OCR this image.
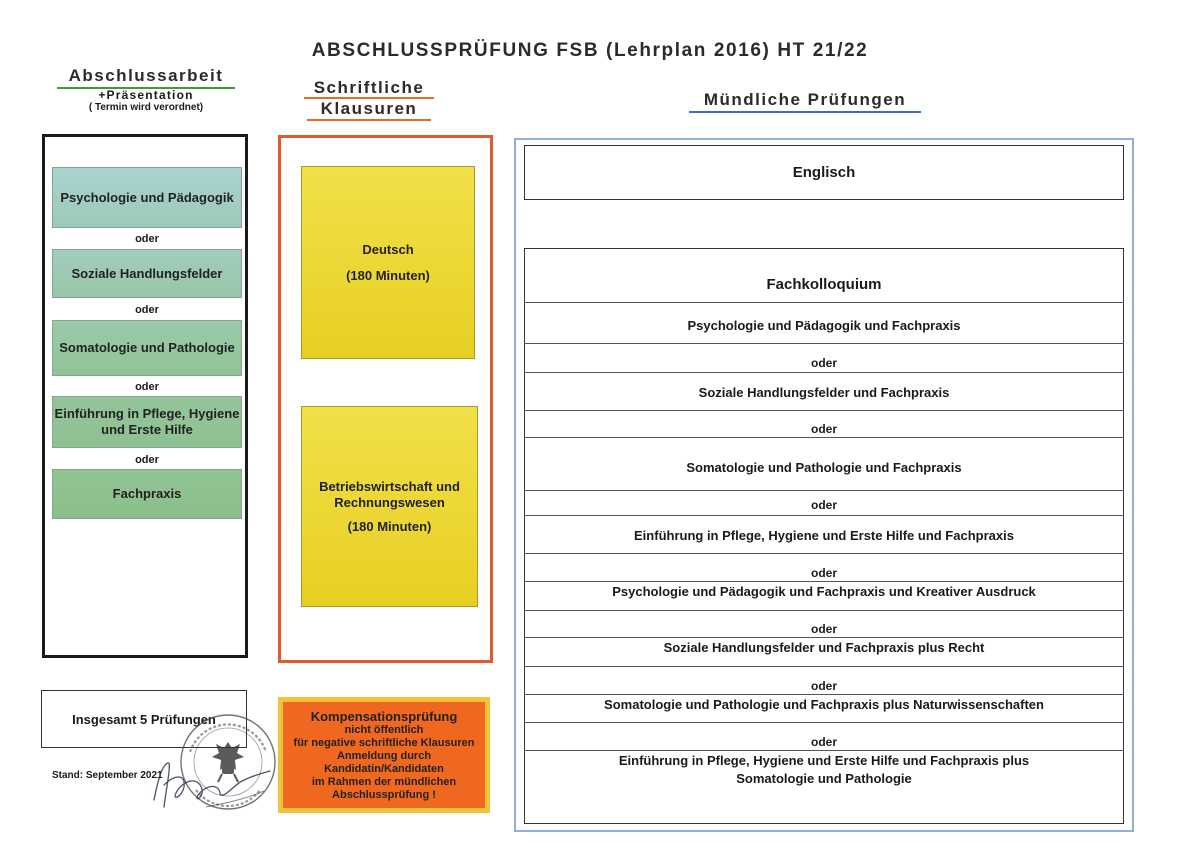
ABSCHLUSSPRÜFUNG FSB (Lehrplan 2016) HT 21/22
Abschlussarbeit
+Präsentation
( Termin wird verordnet)
Schriftliche
Klausuren	Mündliche Prüfungen
Psychologie und Pädagogik
oder
Soziale Handlungsfelder
oder
Somatologie und Pathologie
oder
Einführung in Pflege, Hygiene und Erste Hilfe
oder
Fachpraxis
Deutsch
(180 Minuten)
Betriebswirtschaft und Rechnungswesen
(180 Minuten)
Englisch
Fachkolloquium
Psychologie und Pädagogik und Fachpraxis
oder
Soziale Handlungsfelder und Fachpraxis
oder
Somatologie und Pathologie und Fachpraxis
oder
Einführung in Pflege, Hygiene und Erste Hilfe und Fachpraxis
oder
Psychologie und Pädagogik und Fachpraxis und Kreativer Ausdruck
oder
Soziale Handlungsfelder und Fachpraxis plus Recht
oder
Somatologie und Pathologie und Fachpraxis plus Naturwissenschaften
oder
Einführung in Pflege, Hygiene und Erste Hilfe und Fachpraxis plus Somatologie und Pathologie
Insgesamt 5 Prüfungen
Stand: September 2021
Kompensationsprüfung
nicht öffentlich
für negative schriftliche Klausuren
Anmeldung durch
Kandidatin/Kandidaten
im Rahmen der mündlichen
Abschlussprüfung !
